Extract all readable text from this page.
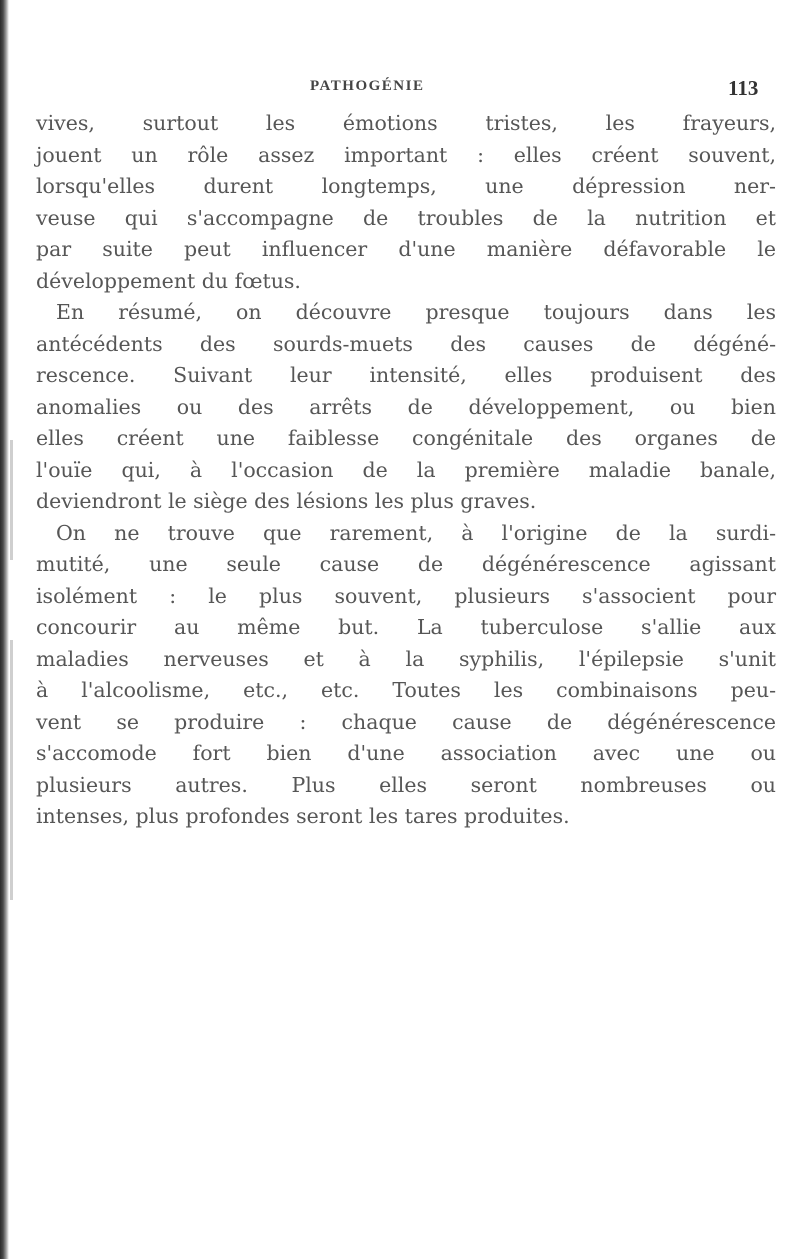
PATHOGÉNIE	113
vives, surtout les émotions tristes, les frayeurs,
jouent un rôle assez important : elles créent souvent,
lorsqu'elles durent longtemps, une dépression ner-
veuse qui s'accompagne de troubles de la nutrition et
par suite peut influencer d'une manière défavorable le
développement du fœtus.
En résumé, on découvre presque toujours dans les
antécédents des sourds-muets des causes de dégéné-
rescence. Suivant leur intensité, elles produisent des
anomalies ou des arrêts de développement, ou bien
elles créent une faiblesse congénitale des organes de
l'ouïe qui, à l'occasion de la première maladie banale,
deviendront le siège des lésions les plus graves.
On ne trouve que rarement, à l'origine de la surdi-
mutité, une seule cause de dégénérescence agissant
isolément : le plus souvent, plusieurs s'associent pour
concourir au même but. La tuberculose s'allie aux
maladies nerveuses et à la syphilis, l'épilepsie s'unit
à l'alcoolisme, etc., etc. Toutes les combinaisons peu-
vent se produire : chaque cause de dégénérescence
s'accomode fort bien d'une association avec une ou
plusieurs autres. Plus elles seront nombreuses ou
intenses, plus profondes seront les tares produites.
